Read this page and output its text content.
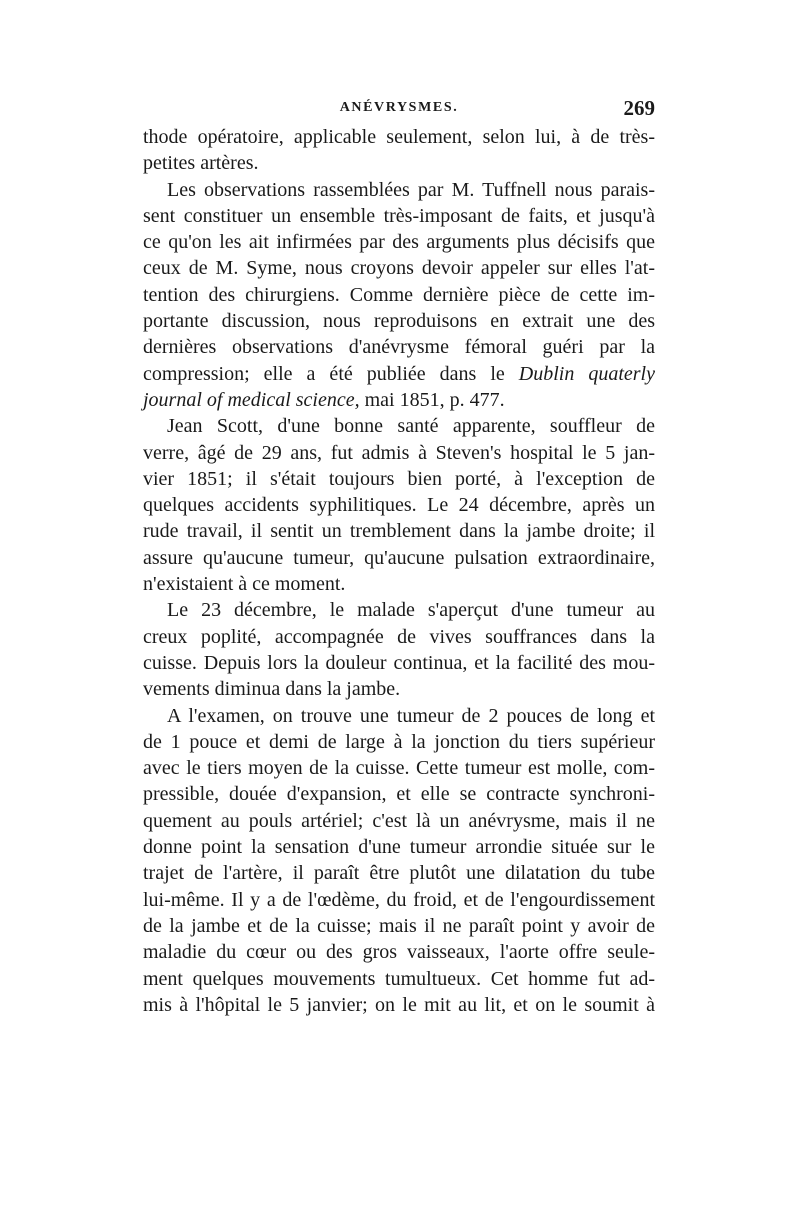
ANÉVRYSMES.	269
thode opératoire, applicable seulement, selon lui, à de très-
petites artères.
Les observations rassemblées par M. Tuffnell nous parais-
sent constituer un ensemble très-imposant de faits, et jusqu'à
ce qu'on les ait infirmées par des arguments plus décisifs que
ceux de M. Syme, nous croyons devoir appeler sur elles l'at-
tention des chirurgiens. Comme dernière pièce de cette im-
portante discussion, nous reproduisons en extrait une des
dernières observations d'anévrysme fémoral guéri par la
compression; elle a été publiée dans le Dublin quaterly
journal of medical science, mai 1851, p. 477.
Jean Scott, d'une bonne santé apparente, souffleur de
verre, âgé de 29 ans, fut admis à Steven's hospital le 5 jan-
vier 1851; il s'était toujours bien porté, à l'exception de
quelques accidents syphilitiques. Le 24 décembre, après un
rude travail, il sentit un tremblement dans la jambe droite; il
assure qu'aucune tumeur, qu'aucune pulsation extraordinaire,
n'existaient à ce moment.
Le 23 décembre, le malade s'aperçut d'une tumeur au
creux poplité, accompagnée de vives souffrances dans la
cuisse. Depuis lors la douleur continua, et la facilité des mou-
vements diminua dans la jambe.
A l'examen, on trouve une tumeur de 2 pouces de long et
de 1 pouce et demi de large à la jonction du tiers supérieur
avec le tiers moyen de la cuisse. Cette tumeur est molle, com-
pressible, douée d'expansion, et elle se contracte synchroni-
quement au pouls artériel; c'est là un anévrysme, mais il ne
donne point la sensation d'une tumeur arrondie située sur le
trajet de l'artère, il paraît être plutôt une dilatation du tube
lui-même. Il y a de l'œdème, du froid, et de l'engourdissement
de la jambe et de la cuisse; mais il ne paraît point y avoir de
maladie du cœur ou des gros vaisseaux, l'aorte offre seule-
ment quelques mouvements tumultueux. Cet homme fut ad-
mis à l'hôpital le 5 janvier; on le mit au lit, et on le soumit à
